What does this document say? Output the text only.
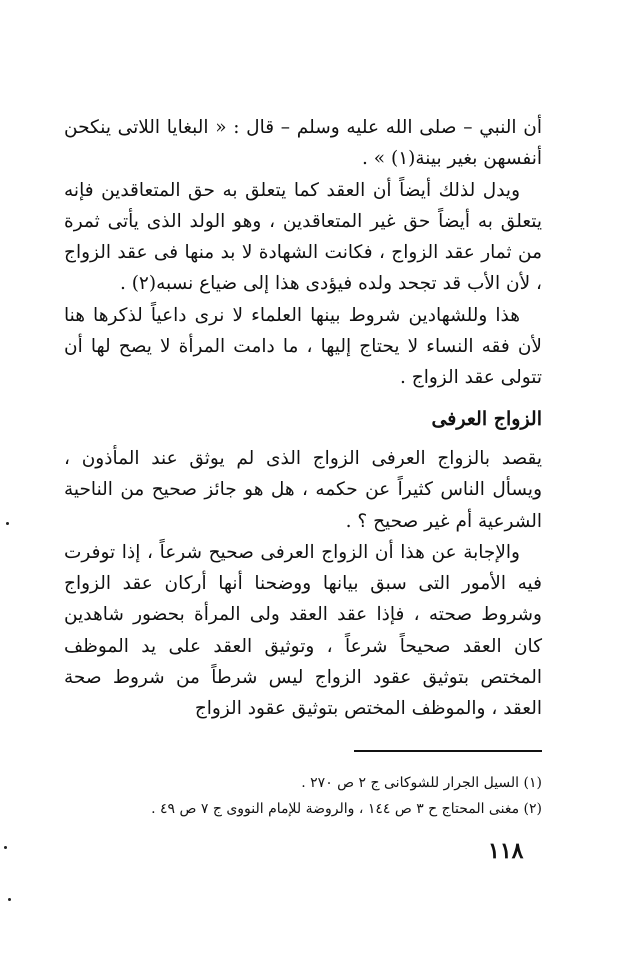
أن النبي – صلى الله عليه وسلم – قال : « البغايا اللاتى ينكحن أنفسهن بغير بينة(١) » .

ويدل لذلك أيضاً أن العقد كما يتعلق به حق المتعاقدين فإنه يتعلق به أيضاً حق غير المتعاقدين ، وهو الولد الذى يأتى ثمرة من ثمار عقد الزواج ، فكانت الشهادة لا بد منها فى عقد الزواج ، لأن الأب قد تجحد ولده فيؤدى هذا إلى ضياع نسبه(٢) .

هذا وللشهادين شروط بينها العلماء لا نرى داعياً لذكرها هنا لأن فقه النساء لا يحتاج إليها ، ما دامت المرأة لا يصح لها أن تتولى عقد الزواج .

الزواج العرفى

يقصد بالزواج العرفى الزواج الذى لم يوثق عند المأذون ، ويسأل الناس كثيراً عن حكمه ، هل هو جائز صحيح من الناحية الشرعية أم غير صحيح ؟ .

والإجابة عن هذا أن الزواج العرفى صحيح شرعاً ، إذا توفرت فيه الأمور التى سبق بيانها ووضحنا أنها أركان عقد الزواج وشروط صحته ، فإذا عقد العقد ولى المرأة بحضور شاهدين كان العقد صحيحاً شرعاً ، وتوثيق العقد على يد الموظف المختص بتوثيق عقود الزواج ليس شرطاً من شروط صحة العقد ، والموظف المختص بتوثيق عقود الزواج

(١) السيل الجرار للشوكانى ج ٢ ص ٢٧٠ .
(٢) مغنى المحتاج ح ٣ ص ١٤٤ ، والروضة للإمام النووى ج ٧ ص ٤٩ .
١١٨
